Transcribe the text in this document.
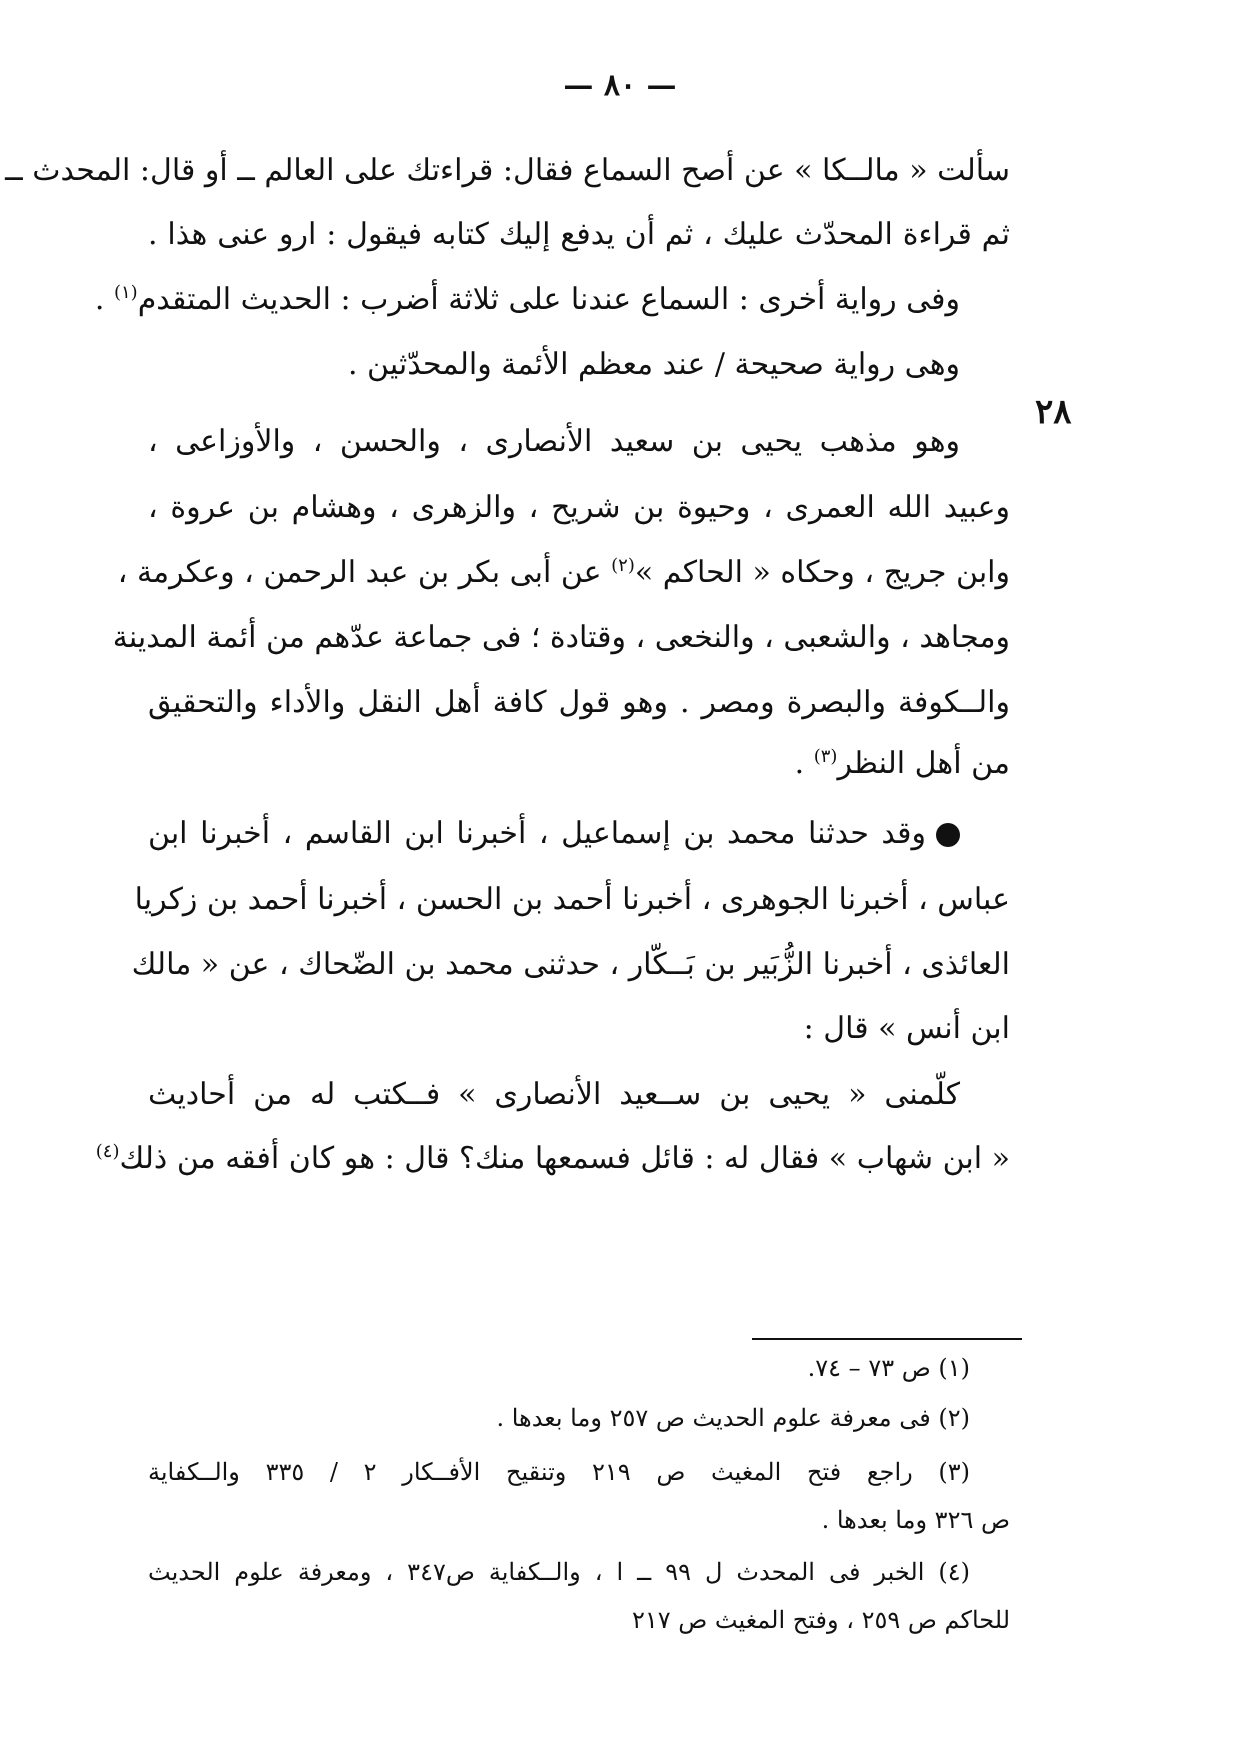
— ٨٠ —
٢٨
سألت « مالــكا » عن أصح السماع فقال: قراءتك على العالم ــ أو قال: المحدث ــ
ثم قراءة المحدّث عليك ، ثم أن يدفع إليك كتابه فيقول : ارو عنى هذا .
وفى رواية أخرى : السماع عندنا على ثلاثة أضرب : الحديث المتقدم$^{(١)}$ .
وهى رواية صحيحة / عند معظم الأئمة والمحدّثين .
وهو مذهب يحيى بن سعيد الأنصارى ، والحسن ، والأوزاعى ،
وعبيد الله العمرى ، وحيوة بن شريح ، والزهرى ، وهشام بن عروة ،
وابن جريج ، وحكاه « الحاكم »$^{(٢)}$ عن أبى بكر بن عبد الرحمن ، وعكرمة ،
ومجاهد ، والشعبى ، والنخعى ، وقتادة ؛ فى جماعة عدّهم من أئمة المدينة
والــكوفة والبصرة ومصر . وهو قول كافة أهل النقل والأداء والتحقيق
من أهل النظر$^{(٣)}$ .
وقد حدثنا محمد بن إسماعيل ، أخبرنا ابن القاسم ، أخبرنا ابن
عباس ، أخبرنا الجوهرى ، أخبرنا أحمد بن الحسن ، أخبرنا أحمد بن زكريا
العائذى ، أخبرنا الزُّبَير بن بَــكّار ، حدثنى محمد بن الضّحاك ، عن « مالك
ابن أنس » قال :
كلّمنى « يحيى بن ســعيد الأنصارى » فــكتب له من أحاديث
« ابن شهاب » فقال له : قائل فسمعها منك؟ قال : هو كان أفقه من ذلك$^{(٤)}$
(١) ص ٧٣ – ٧٤.
(٢) فى معرفة علوم الحديث ص ٢٥٧ وما بعدها .
(٣) راجع فتح المغيث ص ٢١٩ وتنقيح الأفــكار ٢ / ٣٣٥ والــكفاية
ص ٣٢٦ وما بعدها .
(٤) الخبر فى المحدث ل ٩٩ ــ ا ، والــكفاية ص٣٤٧ ، ومعرفة علوم الحديث
للحاكم ص ٢٥٩ ، وفتح المغيث ص ٢١٧
